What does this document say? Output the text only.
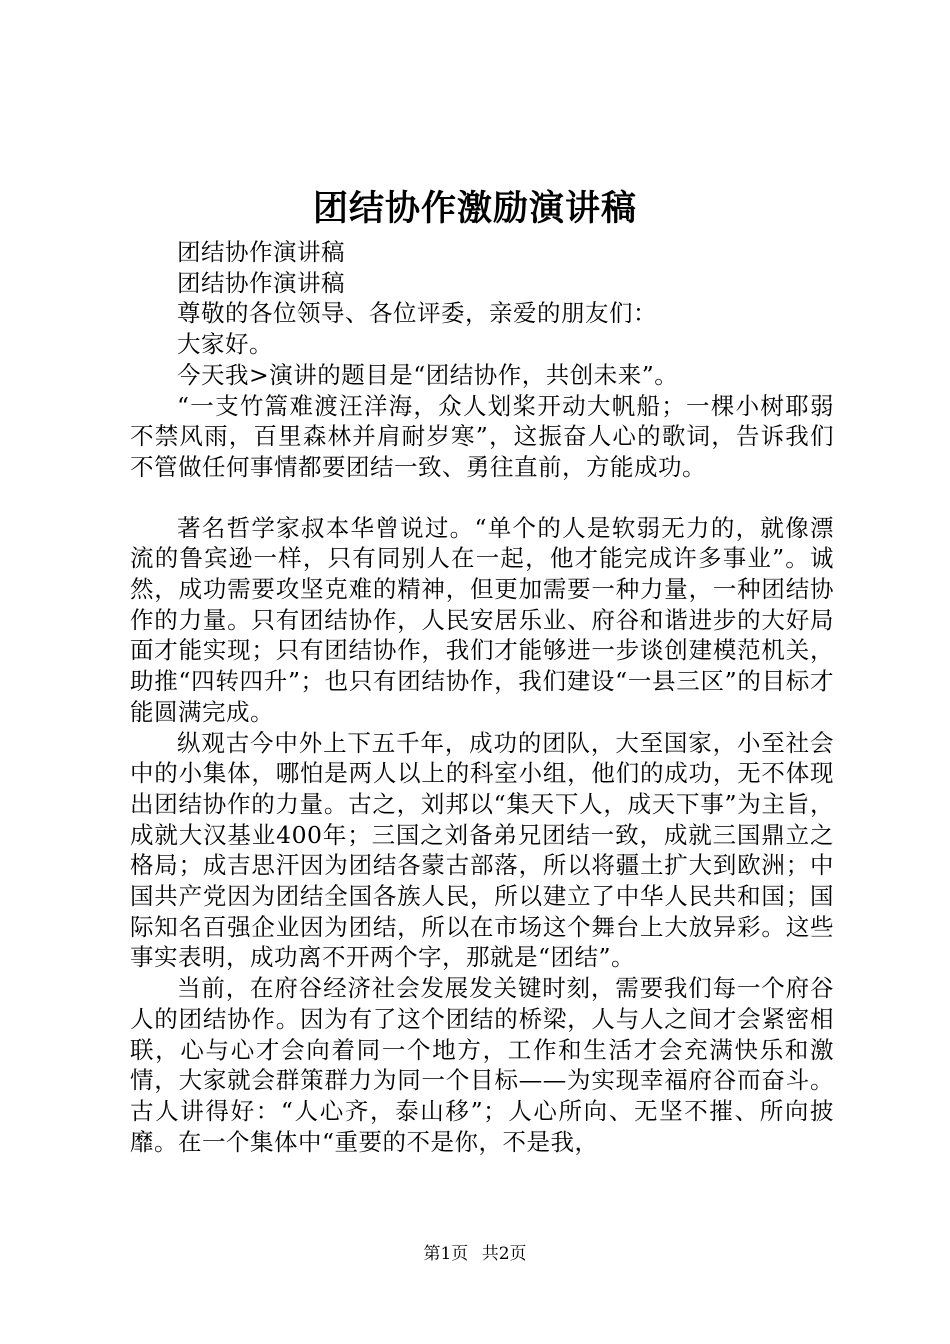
团结协作激励演讲稿

团结协作演讲稿

团结协作演讲稿

尊敬的各位领导、各位评委，亲爱的朋友们：

大家好。

今天我>演讲的题目是“团结协作，共创未来”。

“一支竹篙难渡汪洋海，众人划桨开动大帆船；一棵小树耶弱不禁风雨，百里森林并肩耐岁寒”，这振奋人心的歌词，告诉我们不管做任何事情都要团结一致、勇往直前，方能成功。

著名哲学家叔本华曾说过。“单个的人是软弱无力的，就像漂流的鲁宾逊一样，只有同别人在一起，他才能完成许多事业”。诚然，成功需要攻坚克难的精神，但更加需要一种力量，一种团结协作的力量。只有团结协作，人民安居乐业、府谷和谐进步的大好局面才能实现；只有团结协作，我们才能够进一步谈创建模范机关，助推“四转四升”；也只有团结协作，我们建设“一县三区”的目标才能圆满完成。

纵观古今中外上下五千年，成功的团队，大至国家，小至社会中的小集体，哪怕是两人以上的科室小组，他们的成功，无不体现出团结协作的力量。古之，刘邦以“集天下人，成天下事”为主旨，成就大汉基业400年；三国之刘备弟兄团结一致，成就三国鼎立之格局；成吉思汗因为团结各蒙古部落，所以将疆土扩大到欧洲；中国共产党因为团结全国各族人民，所以建立了中华人民共和国；国际知名百强企业因为团结，所以在市场这个舞台上大放异彩。这些事实表明，成功离不开两个字，那就是“团结”。

当前，在府谷经济社会发展发关键时刻，需要我们每一个府谷人的团结协作。因为有了这个团结的桥梁，人与人之间才会紧密相联，心与心才会向着同一个地方，工作和生活才会充满快乐和激情，大家就会群策群力为同一个目标——为实现幸福府谷而奋斗。古人讲得好：“人心齐，泰山移”；人心所向、无坚不摧、所向披靡。在一个集体中“重要的不是你，不是我，

第1页 共2页
